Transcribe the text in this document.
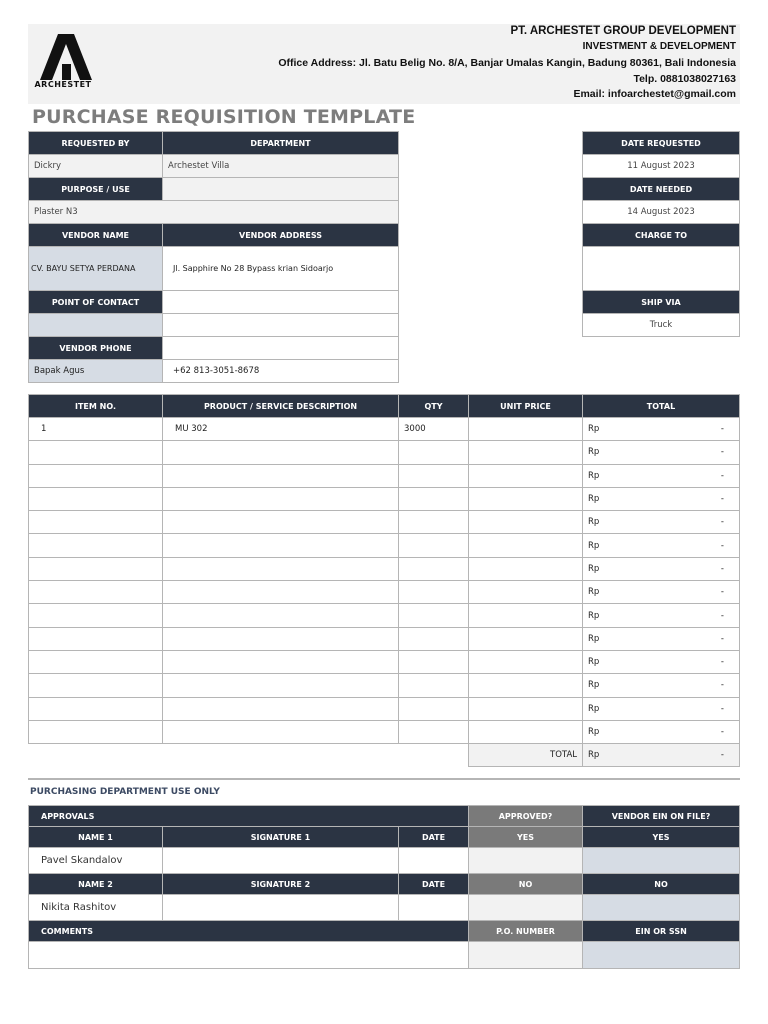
ARCHESTET
PT. ARCHESTET GROUP DEVELOPMENT
INVESTMENT & DEVELOPMENT
Office Address: Jl. Batu Belig No. 8/A, Banjar Umalas Kangin, Badung 80361, Bali Indonesia
Telp. 0881038027163
Email: infoarchestet@gmail.com
PURCHASE REQUISITION TEMPLATE
REQUESTED BY	DEPARTMENT
Dickry	Archestet Villa
PURPOSE / USE	
Plaster N3	
VENDOR NAME	VENDOR ADDRESS
CV. BAYU SETYA PERDANA	Jl. Sapphire No 28 Bypass krian Sidoarjo
POINT OF CONTACT	

VENDOR PHONE	
Bapak Agus	+62 813-3051-8678
DATE REQUESTED
11 August 2023
DATE NEEDED
14 August 2023
CHARGE TO

SHIP VIA
Truck
ITEM NO.	PRODUCT / SERVICE DESCRIPTION	QTY	UNIT PRICE	TOTAL
1	MU 302	3000		Rp -

				Rp -

				Rp -

				Rp -

				Rp -

				Rp -

				Rp -

				Rp -

				Rp -

				Rp -

				Rp -

				Rp -

				Rp -

				Rp -

			TOTAL	Rp -
PURCHASING DEPARTMENT USE ONLY
APPROVALS			APPROVED?	VENDOR EIN ON FILE?
NAME 1	SIGNATURE 1	DATE	YES	YES
Pavel Skandalov				
NAME 2	SIGNATURE 2	DATE	NO	NO
Nikita Rashitov				
COMMENTS			P.O. NUMBER	EIN OR SSN
